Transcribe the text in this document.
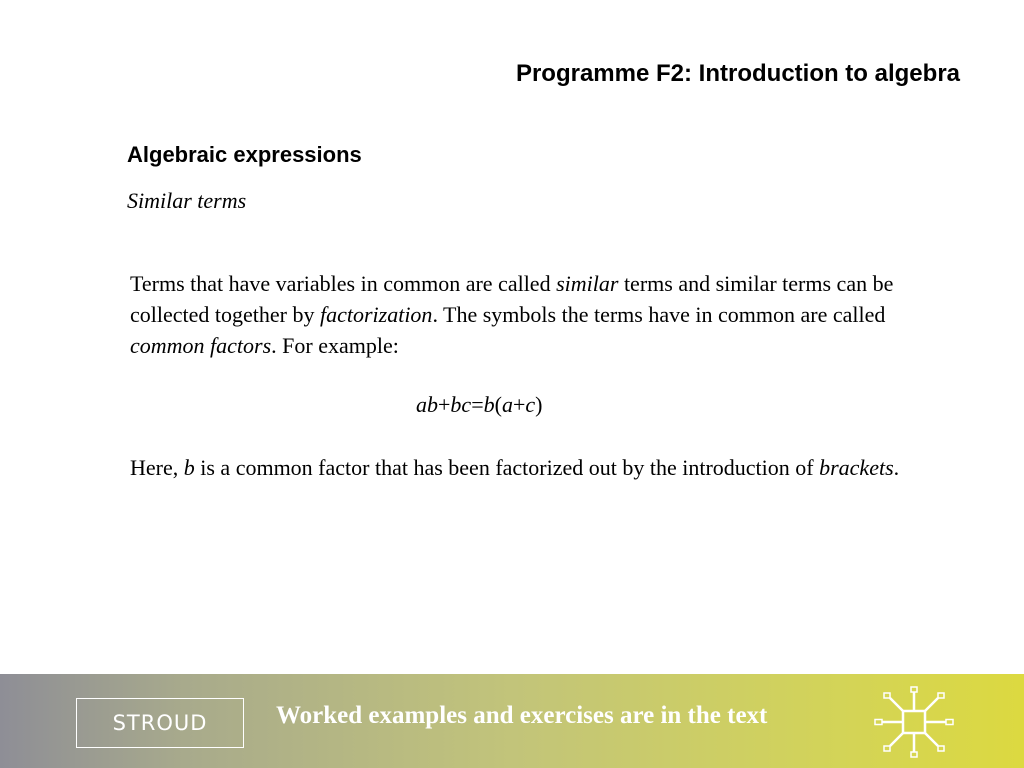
Programme F2: Introduction to algebra
Algebraic expressions
Similar terms
Terms that have variables in common are called similar terms and similar terms can be collected together by factorization. The symbols the terms have in common are called common factors. For example:
ab+bc=b(a+c)
Here, b is a common factor that has been factorized out by the introduction of brackets.
STROUD	Worked examples and exercises are in the text
